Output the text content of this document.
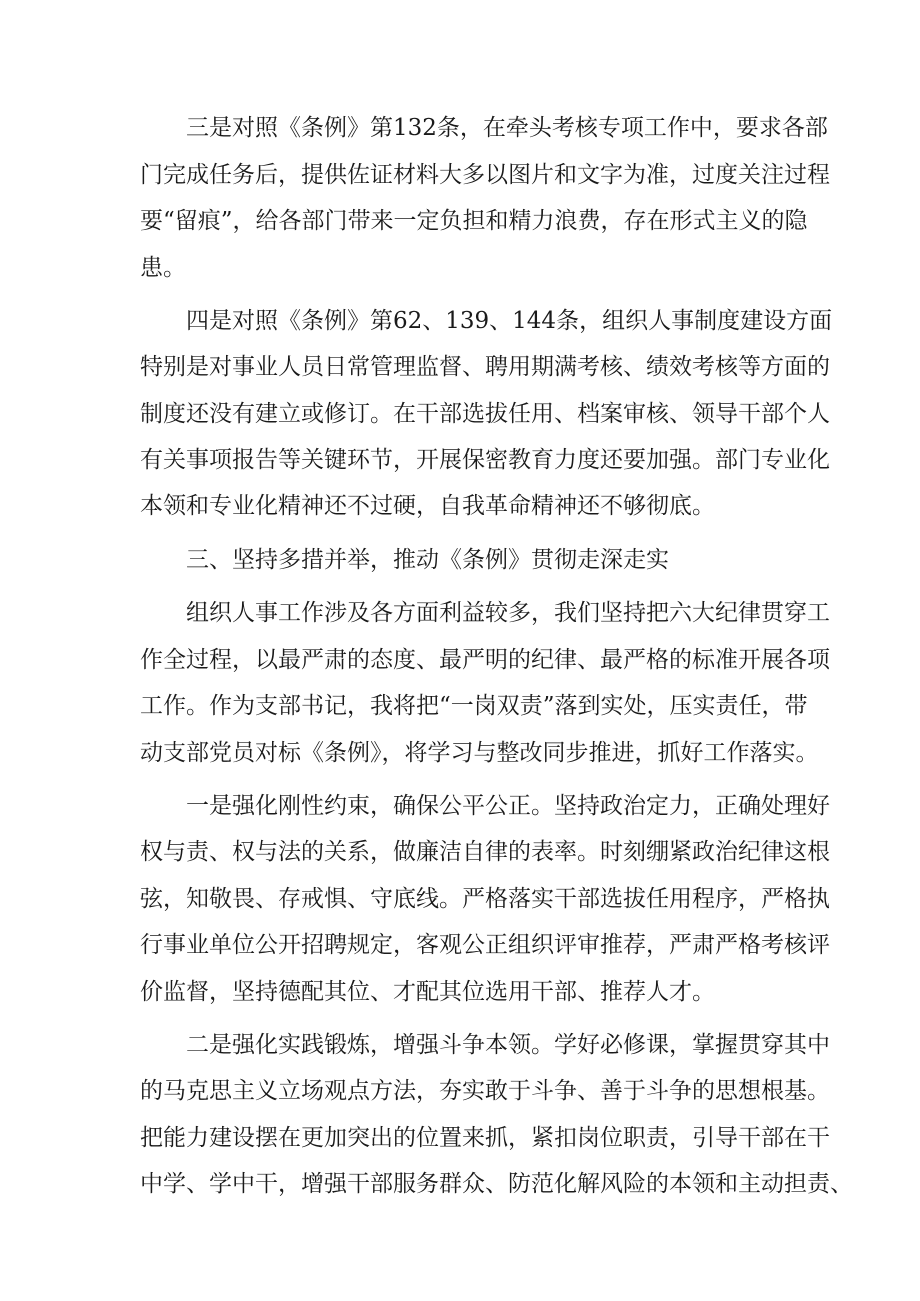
三是对照《条例》第132条，在牵头考核专项工作中，要求各部
门完成任务后，提供佐证材料大多以图片和文字为准，过度关注过程
要“留痕”，给各部门带来一定负担和精力浪费，存在形式主义的隐
患。
四是对照《条例》第62、139、144条，组织人事制度建设方面
特别是对事业人员日常管理监督、聘用期满考核、绩效考核等方面的
制度还没有建立或修订。在干部选拔任用、档案审核、领导干部个人
有关事项报告等关键环节，开展保密教育力度还要加强。部门专业化
本领和专业化精神还不过硬，自我革命精神还不够彻底。
三、坚持多措并举，推动《条例》贯彻走深走实
组织人事工作涉及各方面利益较多，我们坚持把六大纪律贯穿工
作全过程，以最严肃的态度、最严明的纪律、最严格的标准开展各项
工作。作为支部书记，我将把“一岗双责”落到实处，压实责任，带
动支部党员对标《条例》，将学习与整改同步推进，抓好工作落实。
一是强化刚性约束，确保公平公正。坚持政治定力，正确处理好
权与责、权与法的关系，做廉洁自律的表率。时刻绷紧政治纪律这根
弦，知敬畏、存戒惧、守底线。严格落实干部选拔任用程序，严格执
行事业单位公开招聘规定，客观公正组织评审推荐，严肃严格考核评
价监督，坚持德配其位、才配其位选用干部、推荐人才。
二是强化实践锻炼，增强斗争本领。学好必修课，掌握贯穿其中
的马克思主义立场观点方法，夯实敢于斗争、善于斗争的思想根基。
把能力建设摆在更加突出的位置来抓，紧扣岗位职责，引导干部在干
中学、学中干，增强干部服务群众、防范化解风险的本领和主动担责、
